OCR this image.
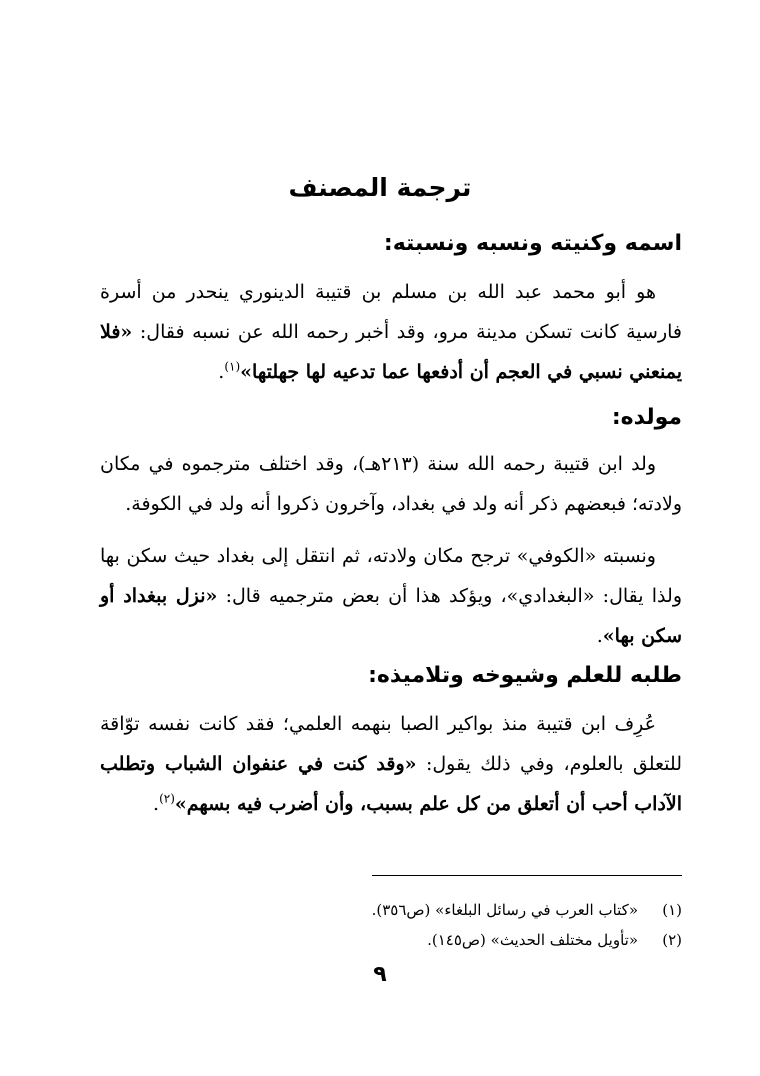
ترجمة المصنف
اسمه وكنيته ونسبه ونسبته:
هو أبو محمد عبد الله بن مسلم بن قتيبة الدينوري ينحدر من أسرة فارسية كانت تسكن مدينة مرو، وقد أخبر رحمه الله عن نسبه فقال: «فلا يمنعني نسبي في العجم أن أدفعها عما تدعيه لها جهلتها»$^{(١)}$.
مولده:
ولد ابن قتيبة رحمه الله سنة (٢١٣هـ)، وقد اختلف مترجموه في مكان ولادته؛ فبعضهم ذكر أنه ولد في بغداد، وآخرون ذكروا أنه ولد في الكوفة.
ونسبته «الكوفي» ترجح مكان ولادته، ثم انتقل إلى بغداد حيث سكن بها ولذا يقال: «البغدادي»، ويؤكد هذا أن بعض مترجميه قال: «نزل ببغداد أو سكن بها».
طلبه للعلم وشيوخه وتلاميذه:
عُرِف ابن قتيبة منذ بواكير الصبا بنهمه العلمي؛ فقد كانت نفسه توّاقة للتعلق بالعلوم، وفي ذلك يقول: «وقد كنت في عنفوان الشباب وتطلب الآداب أحب أن أتعلق من كل علم بسبب، وأن أضرب فيه بسهم»$^{(٢)}$.
(١)«كتاب العرب في رسائل البلغاء» (ص٣٥٦).
(٢)«تأويل مختلف الحديث» (ص١٤٥).
٩
